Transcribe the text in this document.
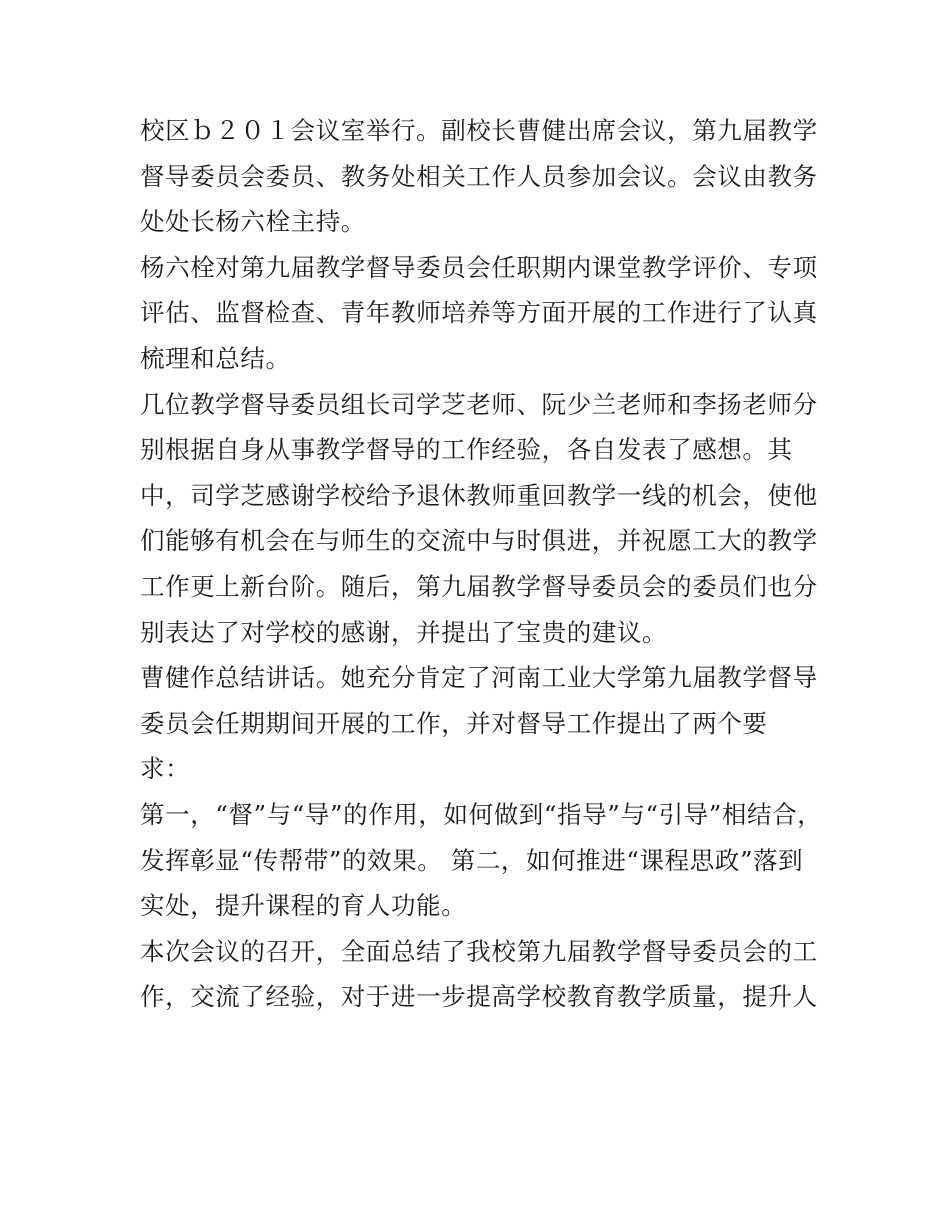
校区ｂ２０１会议室举行。副校长曹健出席会议，第九届教学
督导委员会委员、教务处相关工作人员参加会议。会议由教务
处处长杨六栓主持。
杨六栓对第九届教学督导委员会任职期内课堂教学评价、专项
评估、监督检查、青年教师培养等方面开展的工作进行了认真
梳理和总结。
几位教学督导委员组长司学芝老师、阮少兰老师和李扬老师分
别根据自身从事教学督导的工作经验，各自发表了感想。其
中，司学芝感谢学校给予退休教师重回教学一线的机会，使他
们能够有机会在与师生的交流中与时俱进，并祝愿工大的教学
工作更上新台阶。随后，第九届教学督导委员会的委员们也分
别表达了对学校的感谢，并提出了宝贵的建议。
曹健作总结讲话。她充分肯定了河南工业大学第九届教学督导
委员会任期期间开展的工作，并对督导工作提出了两个要
求：
第一，“督”与“导”的作用，如何做到“指导”与“引导”相结合，
发挥彰显“传帮带”的效果。 第二，如何推进“课程思政”落到
实处，提升课程的育人功能。
本次会议的召开，全面总结了我校第九届教学督导委员会的工
作，交流了经验，对于进一步提高学校教育教学质量，提升人
